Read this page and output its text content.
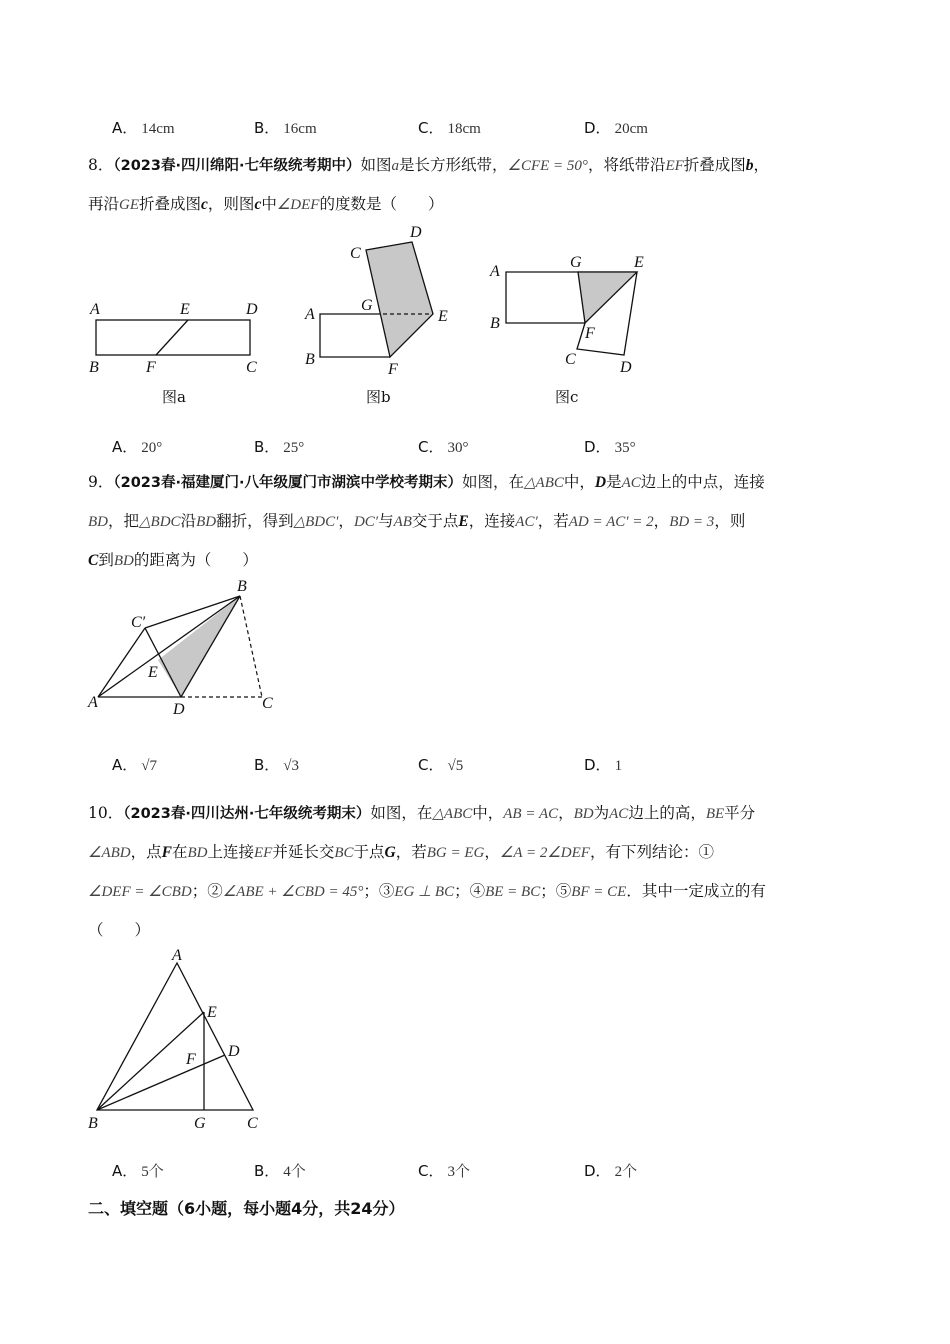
A． 14cm	B． 16cm	C． 18cm	D． 20cm
8．（2023春·四川绵阳·七年级统考期中）如图a是长方形纸带，∠CFE = 50°，将纸带沿EF折叠成图b，
再沿GE折叠成图c，则图c中∠DEF的度数是（　　）
A	E	D
B	F	C
图a
C
D
A
G
E
B
F
图b
A
G	E
B
F
C	D
图c
B
C′
E
A	D	C
A
E
D
F
B	G	C
A． 20°	B． 25°	C． 30°	D． 35°
9．（2023春·福建厦门·八年级厦门市湖滨中学校考期末）如图，在△ABC中，D是AC边上的中点，连接
BD，把△BDC沿BD翻折，得到△BDC′，DC′与AB交于点E，连接AC′，若AD = AC′ = 2，BD = 3，则
C到BD的距离为（　　）
A． √7	B． √3	C． √5	D． 1
10．（2023春·四川达州·七年级统考期末）如图，在△ABC中，AB = AC，BD为AC边上的高，BE平分
∠ABD，点F在BD上连接EF并延长交BC于点G，若BG = EG，∠A = 2∠DEF，有下列结论：①
∠DEF = ∠CBD；②∠ABE + ∠CBD = 45°；③EG ⊥ BC；④BE = BC；⑤BF = CE．其中一定成立的有
（　　）
A． 5个	B． 4个	C． 3个	D． 2个
二、填空题（6小题，每小题4分，共24分）
